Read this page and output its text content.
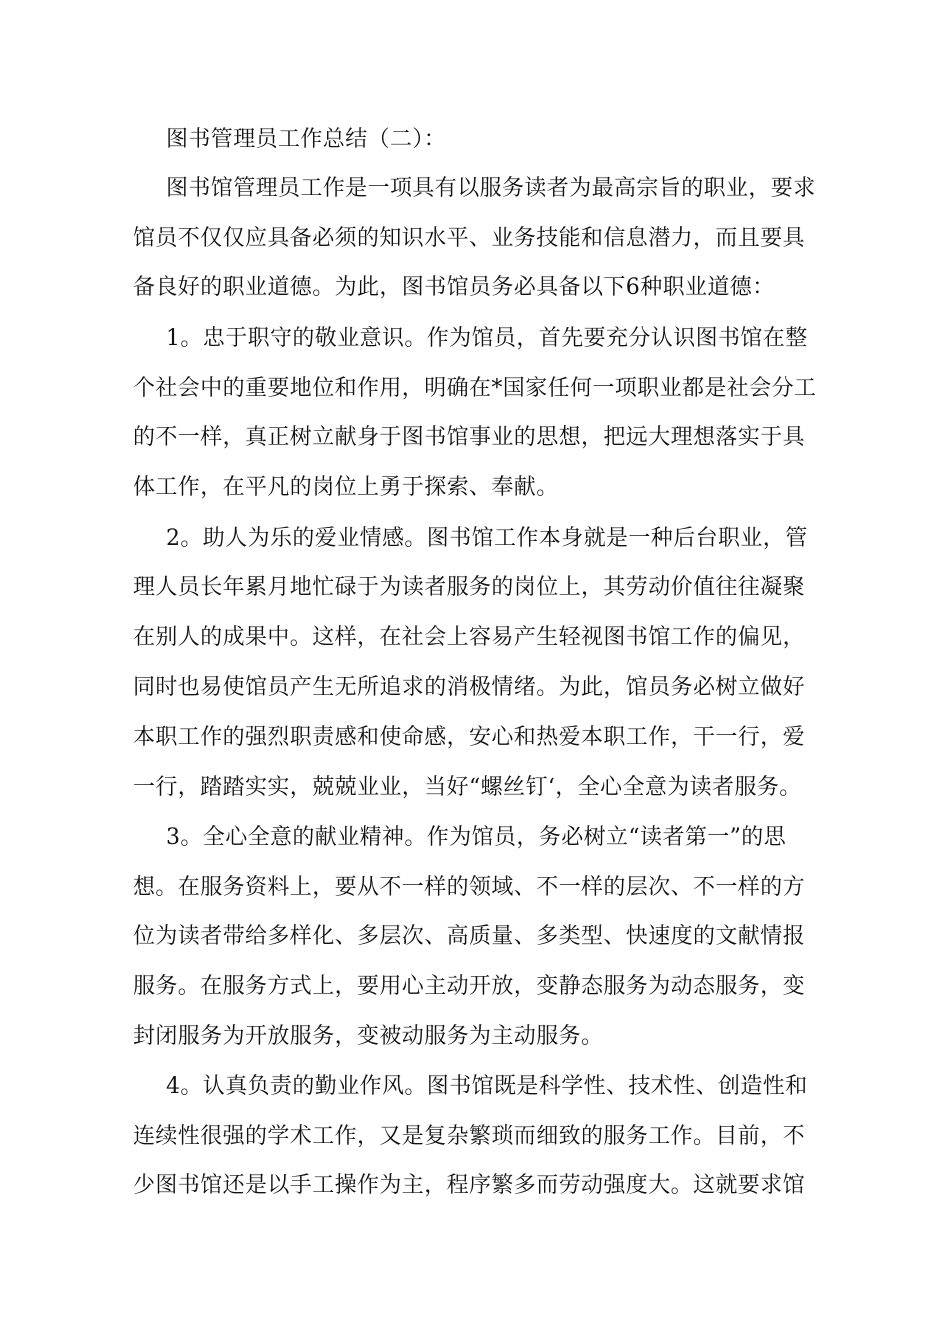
图书管理员工作总结（二）：
图书馆管理员工作是一项具有以服务读者为最高宗旨的职业，要求
馆员不仅仅应具备必须的知识水平、业务技能和信息潜力，而且要具
备良好的职业道德。为此，图书馆员务必具备以下6种职业道德：
1。忠于职守的敬业意识。作为馆员，首先要充分认识图书馆在整
个社会中的重要地位和作用，明确在*国家任何一项职业都是社会分工
的不一样，真正树立献身于图书馆事业的思想，把远大理想落实于具
体工作，在平凡的岗位上勇于探索、奉献。
2。助人为乐的爱业情感。图书馆工作本身就是一种后台职业，管
理人员长年累月地忙碌于为读者服务的岗位上，其劳动价值往往凝聚
在别人的成果中。这样，在社会上容易产生轻视图书馆工作的偏见，
同时也易使馆员产生无所追求的消极情绪。为此，馆员务必树立做好
本职工作的强烈职责感和使命感，安心和热爱本职工作，干一行，爱
一行，踏踏实实，兢兢业业，当好“螺丝钉‘，全心全意为读者服务。
3。全心全意的献业精神。作为馆员，务必树立“读者第一”的思
想。在服务资料上，要从不一样的领域、不一样的层次、不一样的方
位为读者带给多样化、多层次、高质量、多类型、快速度的文献情报
服务。在服务方式上，要用心主动开放，变静态服务为动态服务，变
封闭服务为开放服务，变被动服务为主动服务。
4。认真负责的勤业作风。图书馆既是科学性、技术性、创造性和
连续性很强的学术工作，又是复杂繁琐而细致的服务工作。目前，不
少图书馆还是以手工操作为主，程序繁多而劳动强度大。这就要求馆
